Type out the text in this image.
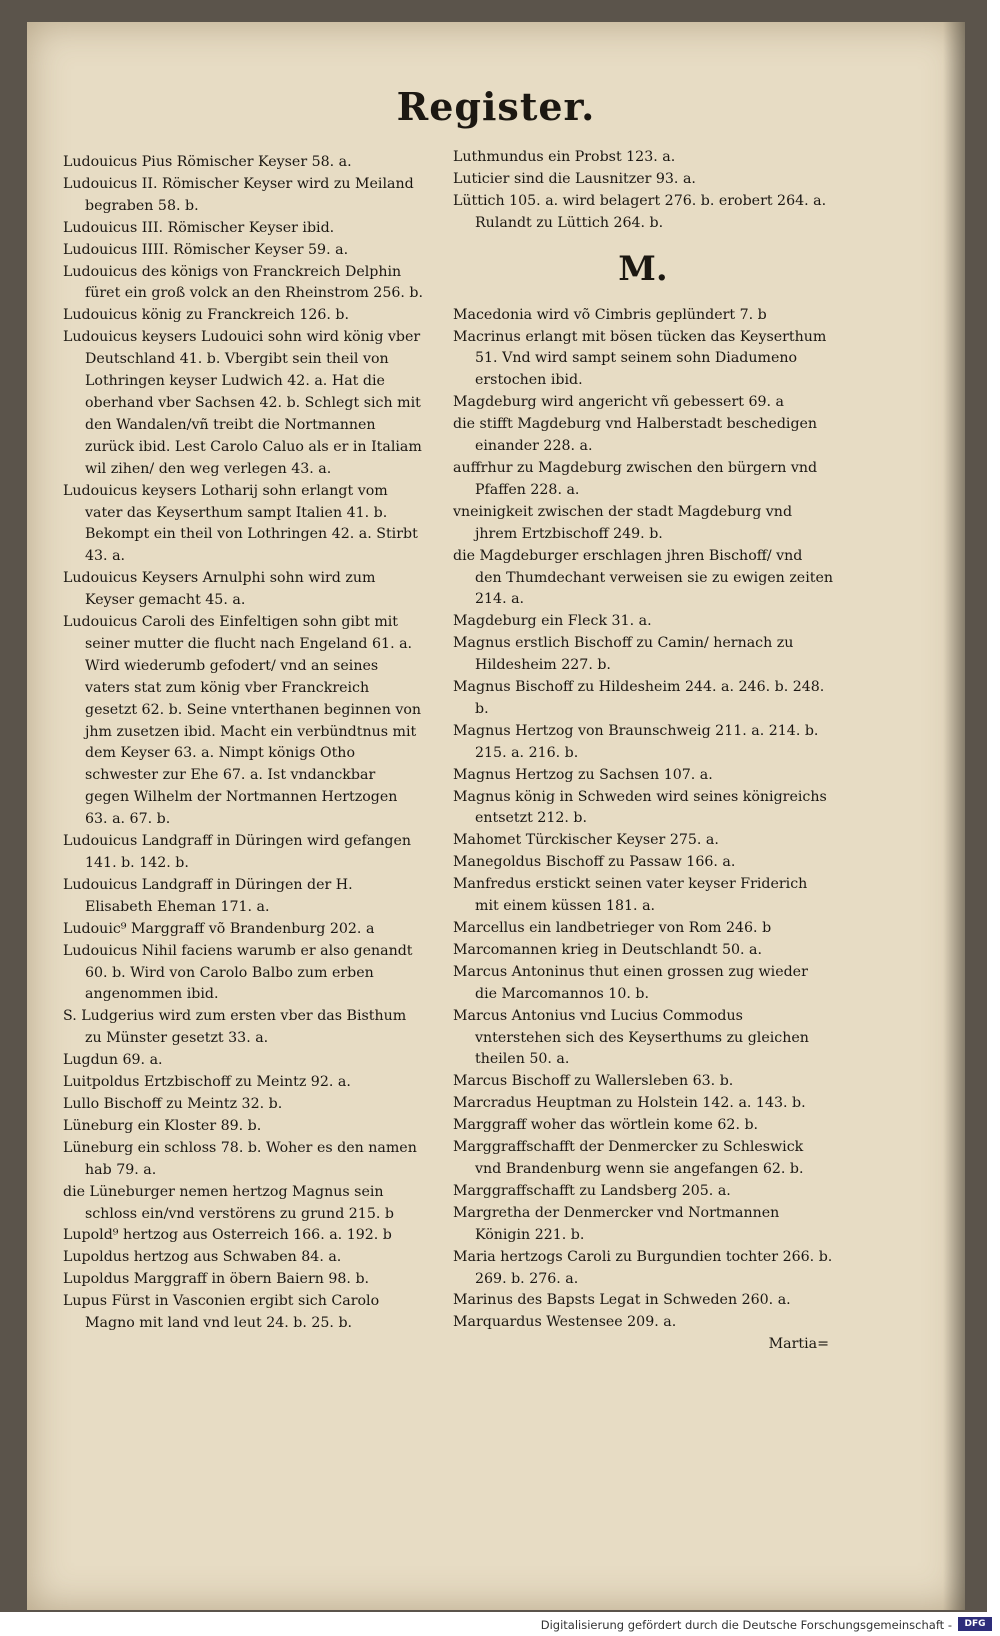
Register.
Ludouicus Pius Römischer Keyser 58. a.
Ludouicus II. Römischer Keyser wird zu Meiland begraben 58. b.
Ludouicus III. Römischer Keyser ibid.
Ludouicus IIII. Römischer Keyser 59. a.
Ludouicus des königs von Franckreich Delphin füret ein groß volck an den Rheinstrom 256. b.
Ludouicus könig zu Franckreich 126. b.
Ludouicus keysers Ludouici sohn wird könig vber Deutschland 41. b. Vbergibt sein theil von Lothringen keyser Ludwich 42. a. Hat die oberhand vber Sachsen 42. b. Schlegt sich mit den Wandalen/vñ treibt die Nortmannen zurück ibid. Lest Carolo Caluo als er in Italiam wil zihen/ den weg verlegen 43. a.
Ludouicus keysers Lotharij sohn erlangt vom vater das Keyserthum sampt Italien 41. b. Bekompt ein theil von Lothringen 42. a. Stirbt 43. a.
Ludouicus Keysers Arnulphi sohn wird zum Keyser gemacht 45. a.
Ludouicus Caroli des Einfeltigen sohn gibt mit seiner mutter die flucht nach Engeland 61. a. Wird wiederumb gefodert/ vnd an seines vaters stat zum könig vber Franckreich gesetzt 62. b. Seine vnterthanen beginnen von jhm zusetzen ibid. Macht ein verbündtnus mit dem Keyser 63. a. Nimpt königs Otho schwester zur Ehe 67. a. Ist vndanckbar gegen Wilhelm der Nortmannen Hertzogen 63. a. 67. b.
Ludouicus Landgraff in Düringen wird gefangen 141. b. 142. b.
Ludouicus Landgraff in Düringen der H. Elisabeth Eheman 171. a.
Ludouic⁹ Marggraff võ Brandenburg 202. a
Ludouicus Nihil faciens warumb er also genandt 60. b. Wird von Carolo Balbo zum erben angenommen ibid.
S. Ludgerius wird zum ersten vber das Bisthum zu Münster gesetzt 33. a.
Lugdun 69. a.
Luitpoldus Ertzbischoff zu Meintz 92. a.
Lullo Bischoff zu Meintz 32. b.
Lüneburg ein Kloster 89. b.
Lüneburg ein schloss 78. b. Woher es den namen hab 79. a.
die Lüneburger nemen hertzog Magnus sein schloss ein/vnd verstörens zu grund 215. b
Lupold⁹ hertzog aus Osterreich 166. a. 192. b
Lupoldus hertzog aus Schwaben 84. a.
Lupoldus Marggraff in öbern Baiern 98. b.
Lupus Fürst in Vasconien ergibt sich Carolo Magno mit land vnd leut 24. b. 25. b.
Luthmundus ein Probst 123. a.
Luticier sind die Lausnitzer 93. a.
Lüttich 105. a. wird belagert 276. b. erobert 264. a. Rulandt zu Lüttich 264. b.
M.
Macedonia wird võ Cimbris geplündert 7. b
Macrinus erlangt mit bösen tücken das Keyserthum 51. Vnd wird sampt seinem sohn Diadumeno erstochen ibid.
Magdeburg wird angericht vñ gebessert 69. a
die stifft Magdeburg vnd Halberstadt beschedigen einander 228. a.
auffrhur zu Magdeburg zwischen den bürgern vnd Pfaffen 228. a.
vneinigkeit zwischen der stadt Magdeburg vnd jhrem Ertzbischoff 249. b.
die Magdeburger erschlagen jhren Bischoff/ vnd den Thumdechant verweisen sie zu ewigen zeiten 214. a.
Magdeburg ein Fleck 31. a.
Magnus erstlich Bischoff zu Camin/ hernach zu Hildesheim 227. b.
Magnus Bischoff zu Hildesheim 244. a. 246. b. 248. b.
Magnus Hertzog von Braunschweig 211. a. 214. b. 215. a. 216. b.
Magnus Hertzog zu Sachsen 107. a.
Magnus könig in Schweden wird seines königreichs entsetzt 212. b.
Mahomet Türckischer Keyser 275. a.
Manegoldus Bischoff zu Passaw 166. a.
Manfredus erstickt seinen vater keyser Friderich mit einem küssen 181. a.
Marcellus ein landbetrieger von Rom 246. b
Marcomannen krieg in Deutschlandt 50. a.
Marcus Antoninus thut einen grossen zug wieder die Marcomannos 10. b.
Marcus Antonius vnd Lucius Commodus vnterstehen sich des Keyserthums zu gleichen theilen 50. a.
Marcus Bischoff zu Wallersleben 63. b.
Marcradus Heuptman zu Holstein 142. a. 143. b.
Marggraff woher das wörtlein kome 62. b.
Marggraffschafft der Denmercker zu Schleswick vnd Brandenburg wenn sie angefangen 62. b.
Marggraffschafft zu Landsberg 205. a.
Margretha der Denmercker vnd Nortmannen Königin 221. b.
Maria hertzogs Caroli zu Burgundien tochter 266. b. 269. b. 276. a.
Marinus des Bapsts Legat in Schweden 260. a.
Marquardus Westensee 209. a.
Martia=
Digitalisierung gefördert durch die Deutsche Forschungsgemeinschaft -	DFG
